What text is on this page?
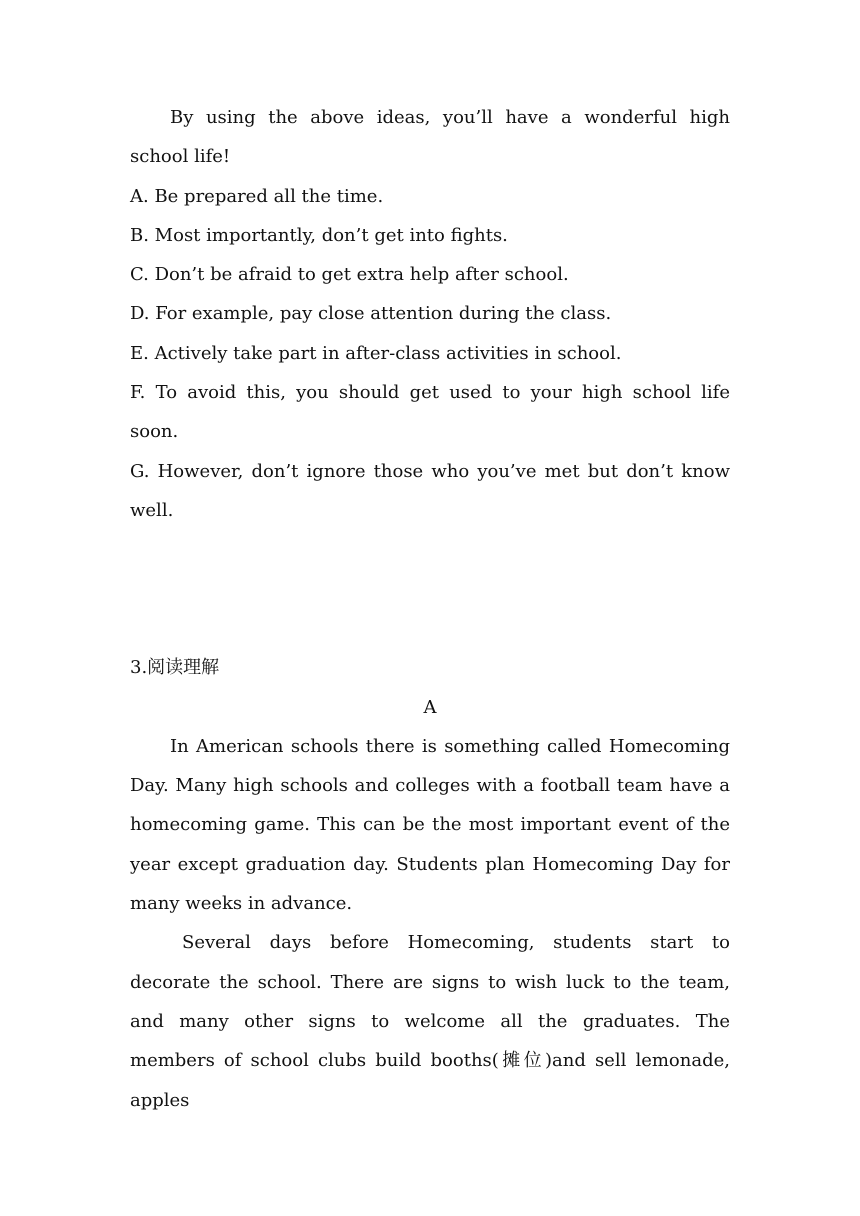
By using the above ideas, you’ll have a wonderful high school life!

A. Be prepared all the time.

B. Most importantly, don’t get into fights.

C. Don’t be afraid to get extra help after school.

D. For example, pay close attention during the class.

E. Actively take part in after-class activities in school.

F. To avoid this, you should get used to your high school life soon.

G. However, don’t ignore those who you’ve met but don’t know well.

3.阅读理解

A

In American schools there is something called Homecoming Day. Many high schools and colleges with a football team have a homecoming game. This can be the most important event of the year except graduation day. Students plan Homecoming Day for many weeks in advance.

Several days before Homecoming, students start to decorate the school. There are signs to wish luck to the team, and many other signs to welcome all the graduates. The members of school clubs build booths(摊位)and sell lemonade, apples
